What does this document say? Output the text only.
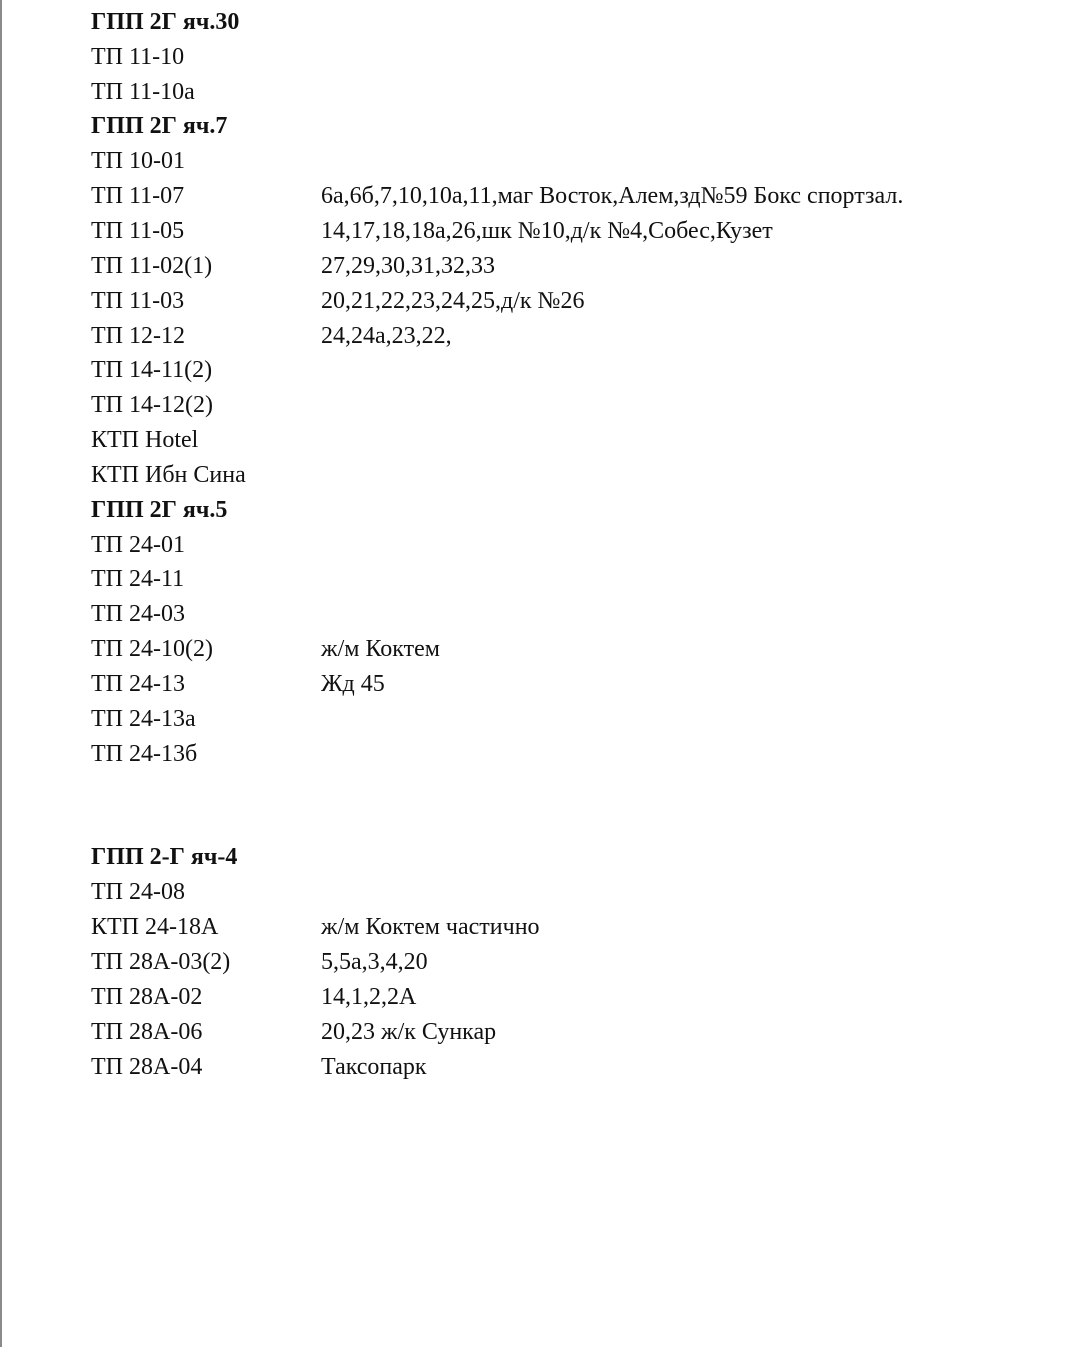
ГПП 2Г яч.30
ТП 11-10
ТП 11-10а
ГПП 2Г яч.7
ТП 10-01
ТП 11-07	6а,6б,7,10,10а,11,маг Восток,Алем,зд№59 Бокс спортзал.
ТП 11-05	14,17,18,18а,26,шк №10,д/к №4,Собес,Кузет
ТП 11-02(1)	27,29,30,31,32,33
ТП 11-03	20,21,22,23,24,25,д/к №26
ТП 12-12	24,24а,23,22,
ТП 14-11(2)
ТП 14-12(2)
КТП Hotel
КТП Ибн Сина
ГПП 2Г яч.5
ТП 24-01
ТП 24-11
ТП 24-03
ТП 24-10(2)	ж/м Коктем
ТП 24-13	Жд 45
ТП 24-13а
ТП 24-13б
ГПП 2-Г яч-4
ТП 24-08
КТП 24-18А	ж/м Коктем частично
ТП 28А-03(2)	5,5а,3,4,20
ТП 28А-02	14,1,2,2А
ТП 28А-06	20,23 ж/к Сункар
ТП 28А-04	Таксопарк
